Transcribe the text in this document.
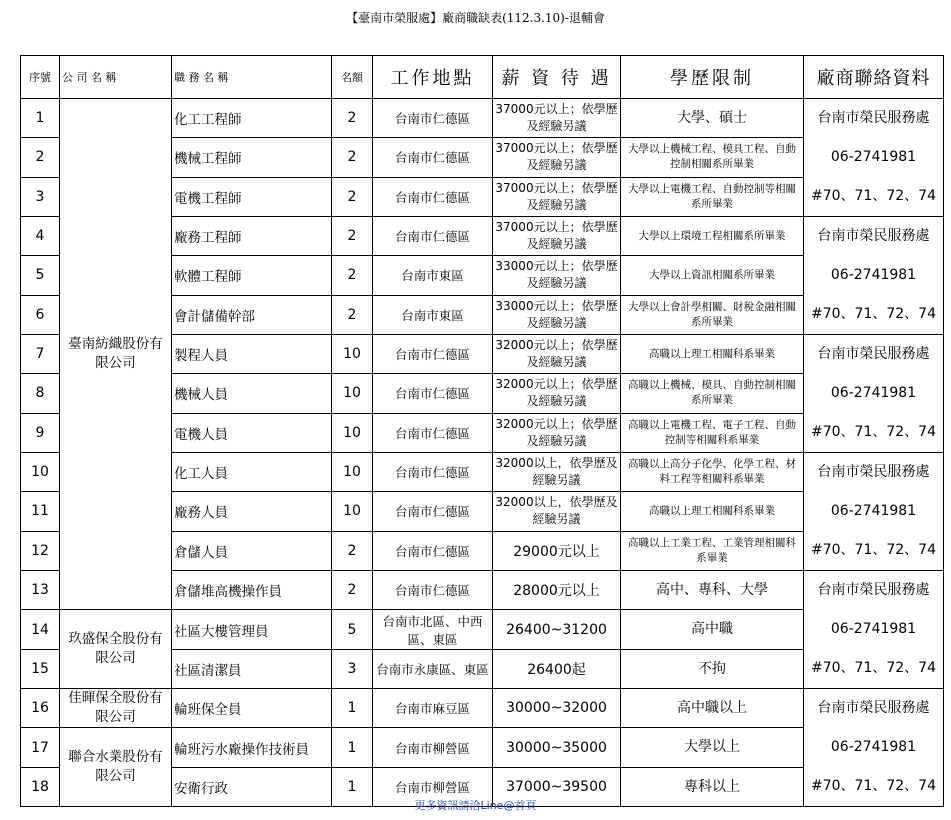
【臺南市榮服處】廠商職缺表(112.3.10)-退輔會
序號	公 司 名 稱	職 務 名 稱	名額	工作地點	薪 資 待 遇	學歷限制	廠商聯絡資料
1	臺南紡織股份有限公司	化工工程師	2	台南市仁德區	37000元以上；依學歷及經驗另議	大學、碩士	台南市榮民服務處
06-2741981
#70、71、72、74

2		機械工程師	2	台南市仁德區	37000元以上；依學歷及經驗另議	大學以上機械工程、模具工程、自動控制相關系所畢業	
3		電機工程師	2	台南市仁德區	37000元以上；依學歷及經驗另議	大學以上電機工程、自動控制等相關系所畢業	
4		廠務工程師	2	台南市仁德區	37000元以上；依學歷及經驗另議	大學以上環境工程相關系所畢業	台南市榮民服務處
06-2741981
#70、71、72、74

5		軟體工程師	2	台南市東區	33000元以上；依學歷及經驗另議	大學以上資訊相關系所畢業	
6		會計儲備幹部	2	台南市東區	33000元以上；依學歷及經驗另議	大學以上會計學相關、財稅金融相關系所畢業	
7		製程人員	10	台南市仁德區	32000元以上；依學歷及經驗另議	高職以上理工相關科系畢業	台南市榮民服務處
06-2741981
#70、71、72、74

8		機械人員	10	台南市仁德區	32000元以上；依學歷及經驗另議	高職以上機械、模具、自動控制相關系所畢業	
9		電機人員	10	台南市仁德區	32000元以上；依學歷及經驗另議	高職以上電機工程、電子工程、自動控制等相關科系畢業	
10		化工人員	10	台南市仁德區	32000以上，依學歷及經驗另議	高職以上高分子化學、化學工程、材料工程等相關科系畢業	台南市榮民服務處
06-2741981
#70、71、72、74

11		廠務人員	10	台南市仁德區	32000以上，依學歷及經驗另議	高職以上理工相關科系畢業	
12		倉儲人員	2	台南市仁德區	29000元以上	高職以上工業工程、工業管理相關科系畢業	
13		倉儲堆高機操作員	2	台南市仁德區	28000元以上	高中、專科、大學	台南市榮民服務處
06-2741981
#70、71、72、74

14	玖盛保全股份有限公司	社區大樓管理員	5	台南市北區、中西區、東區	26400~31200	高中職	
15		社區清潔員	3	台南市永康區、東區	26400起	不拘	
16	佳暉保全股份有限公司	輪班保全員	1	台南市麻豆區	30000~32000	高中職以上	台南市榮民服務處
06-2741981
#70、71、72、74

17	聯合水業股份有限公司	輪班污水廠操作技術員	1	台南市柳營區	30000~35000	大學以上	
18		安衛行政	1	台南市柳營區	37000~39500	專科以上	
更多資訊請洽Line@首頁
